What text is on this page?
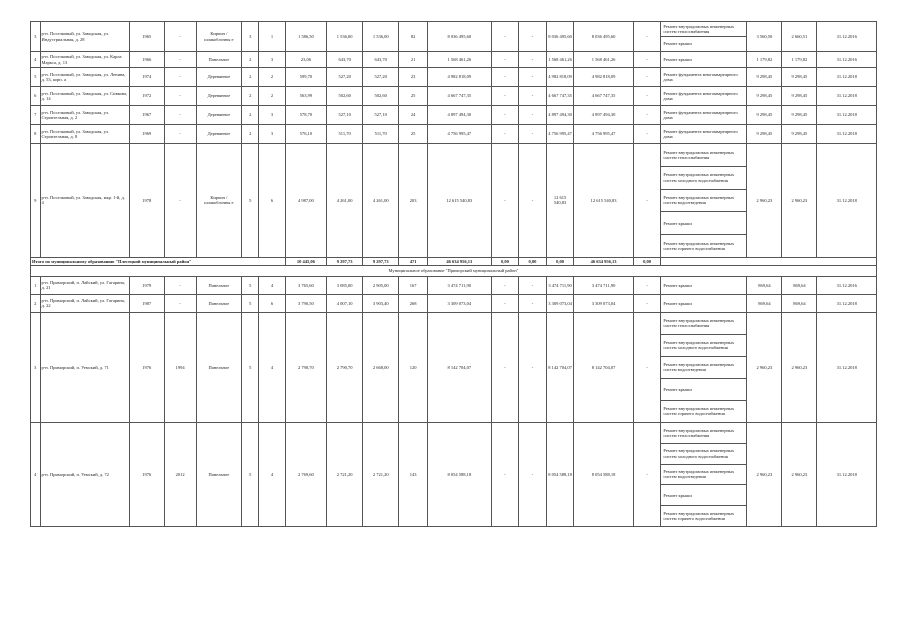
3	р-н. Поселковый, ул. Заводская, ул. Индустриальная, д. 28	1965	-	Кирпич / шлакоблочны е	3	1	1 586,50	1 536,00	1 536,00	82	8 036 495,60	-	-	8 036 495,60	8 036 495,60	-	Ремонт внутридомовых инженерных систем теплоснабжения	3 560,50	2 660,51	31.12.2016
																	Ремонт крыши			
4	р-н. Поселковый, ул. Заводская, ул. Карла Маркса, д. 13	1966	-	Панельное	2	3	23,06	643,70	643,70	21	1 568 461,26	-	-	1 568 461,26	1 568 461,26	-	Ремонт крыши	1 179,82	1 179,82	31.12.2016
5	р-н. Поселковый, ул. Заводская, ул. Ленина, д. 53, корп. а	1974	-	Деревянное	2	2	599,70	527,20	527,20	23	4 982 818,09	-	-	4 982 818,09	4 982 818,09	-	Ремонт фундамента многоквартирного дома	9 298,45	9 298,45	31.12.2018
6	р-н. Поселковый, ул. Заводская, ул. Сивкова, д. 14	1972	-	Деревянное	2	2	563,99	502,60	502,60	25	4 667 747,35	-	-	4 667 747,35	4 667 747,35	-	Ремонт фундамента многоквартирного дома	9 298,45	9 298,45	31.12.2018
7	р-н. Поселковый, ул. Заводская, ул. Строительная, д. 2	1967	-	Деревянное	2	3	578,70	527,10	527,10	24	4 897 494,30	-	-	4 897 494,30	4 897 494,30	-	Ремонт фундамента многоквартирного дома	9 298,45	9 298,45	31.12.2018
8	р-н. Поселковый, ул. Заводская, ул. Строительная, д. 8	1969	-	Деревянное	2	3	576,10	511,70	511,70	25	4 756 995,47	-	-	4 756 995,47	4 756 995,47	-	Ремонт фундамента многоквартирного дома	9 298,45	9 298,45	31.12.2018
9	р-н. Поселковый, ул. Заводская, мкр. 1-й, д. 4	1978	-	Кирпич / шлакоблочны е	5	6	4 987,00	4 261,00	4 261,00	203	12 615 540,83	-	-	12 615 540,83	12 615 540,83	-	Ремонт внутридомовых инженерных систем теплоснабжения	2 960,23	2 960,23	31.12.2018
																	Ремонт внутридомовых инженерных систем холодного водоснабжения			
																	Ремонт внутридомовых инженерных систем водоотведения			
																	Ремонт крыши			
																	Ремонт внутридомовых инженерных систем горячего водоснабжения			
Итого по муниципальному образованию "Плесецкий муниципальный район"							10 445,06	9 297,73	9 297,73	471	46 634 956,13	0,00	0,00	0,00	46 634 956,13	0,00				
Муниципальное образование "Приморский муниципальный район"																				
1	р-н. Приморский, п. Лайский, ул. Гагарина, д. 21	1979	-	Панельное	5	4	3 765,60	3 085,00	2 905,00	167	3 474 711,90	-	-	3 474 711,90	3 474 711,90	-	Ремонт крыши	869,64	869,64	31.12.2016
2	р-н. Приморский, п. Лайский, ул. Гагарина, д. 22	1987	-	Панельное	5	6	3 790,50	4 007,10	3 903,40	268	3 309 073,04	-	-	3 309 073,04	3 309 073,04	-	Ремонт крыши	869,64	869,64	31.12.2018
3	р-н. Приморский, п. Уемский, д. 71	1976	1994	Панельное	5	4	2 790,70	2 790,70	2 668,00	120	8 142 704,07	-	-	8 142 704,07	8 142 704,07	-	Ремонт внутридомовых инженерных систем теплоснабжения	2 960,23	2 960,23	31.12.2018
																	Ремонт внутридомовых инженерных систем холодного водоснабжения			
																	Ремонт внутридомовых инженерных систем водоотведения			
																	Ремонт крыши			
																	Ремонт внутридомовых инженерных систем горячего водоснабжения			
4	р-н. Приморский, п. Уемский, д. 72	1976	2012	Панельное	5	4	2 769,60	2 721,20	2 721,20	143	8 054 588,18	-	-	8 054 588,18	8 054 588,18	-	Ремонт внутридомовых инженерных систем теплоснабжения	2 960,23	2 960,23	31.12.2018
																	Ремонт внутридомовых инженерных систем холодного водоснабжения			
																	Ремонт внутридомовых инженерных систем водоотведения			
																	Ремонт крыши			
																	Ремонт внутридомовых инженерных систем горячего водоснабжения			
